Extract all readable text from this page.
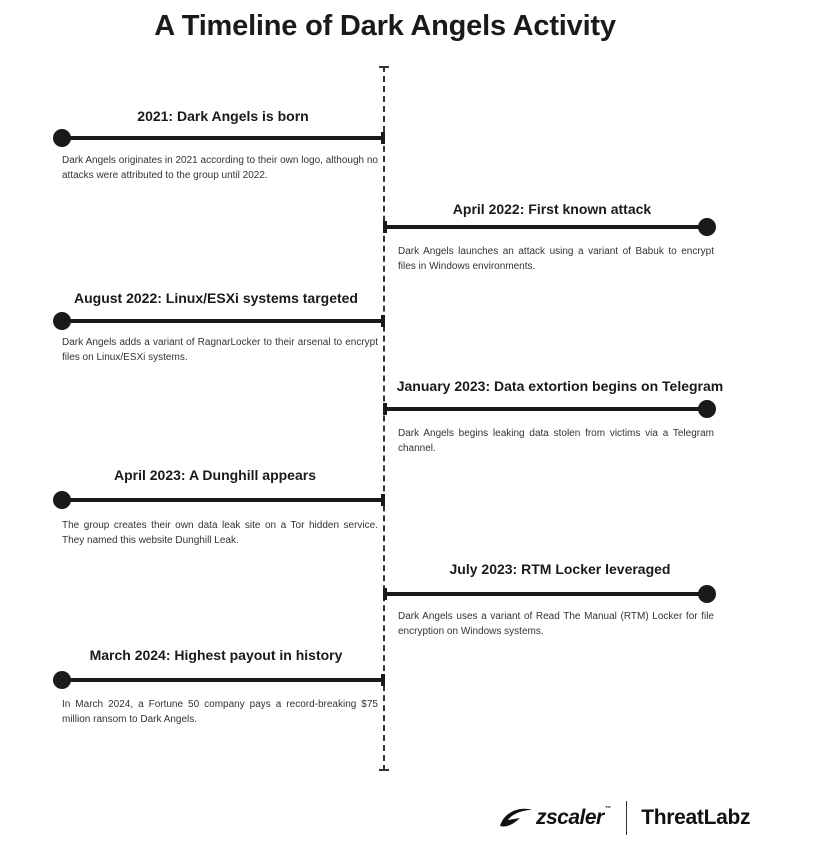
A Timeline of Dark Angels Activity
2021: Dark Angels is born
Dark Angels originates in 2021 according to their own logo, although no attacks were attributed to the group until 2022.
April 2022: First known attack
Dark Angels launches an attack using a variant of Babuk to encrypt files in Windows environments.
August 2022: Linux/ESXi systems targeted
Dark Angels adds a variant of RagnarLocker to their arsenal to encrypt files on Linux/ESXi systems.
January 2023: Data extortion begins on Telegram
Dark Angels begins leaking data stolen from victims via a Telegram channel.
April 2023: A Dunghill appears
The group creates their own data leak site on a Tor hidden service. They named this website Dunghill Leak.
July 2023: RTM Locker leveraged
Dark Angels uses a variant of Read The Manual (RTM) Locker for file encryption on Windows systems.
March 2024: Highest payout in history
In March 2024, a Fortune 50 company pays a record-breaking $75 million ransom to Dark Angels.
zscaler™ ThreatLabz
